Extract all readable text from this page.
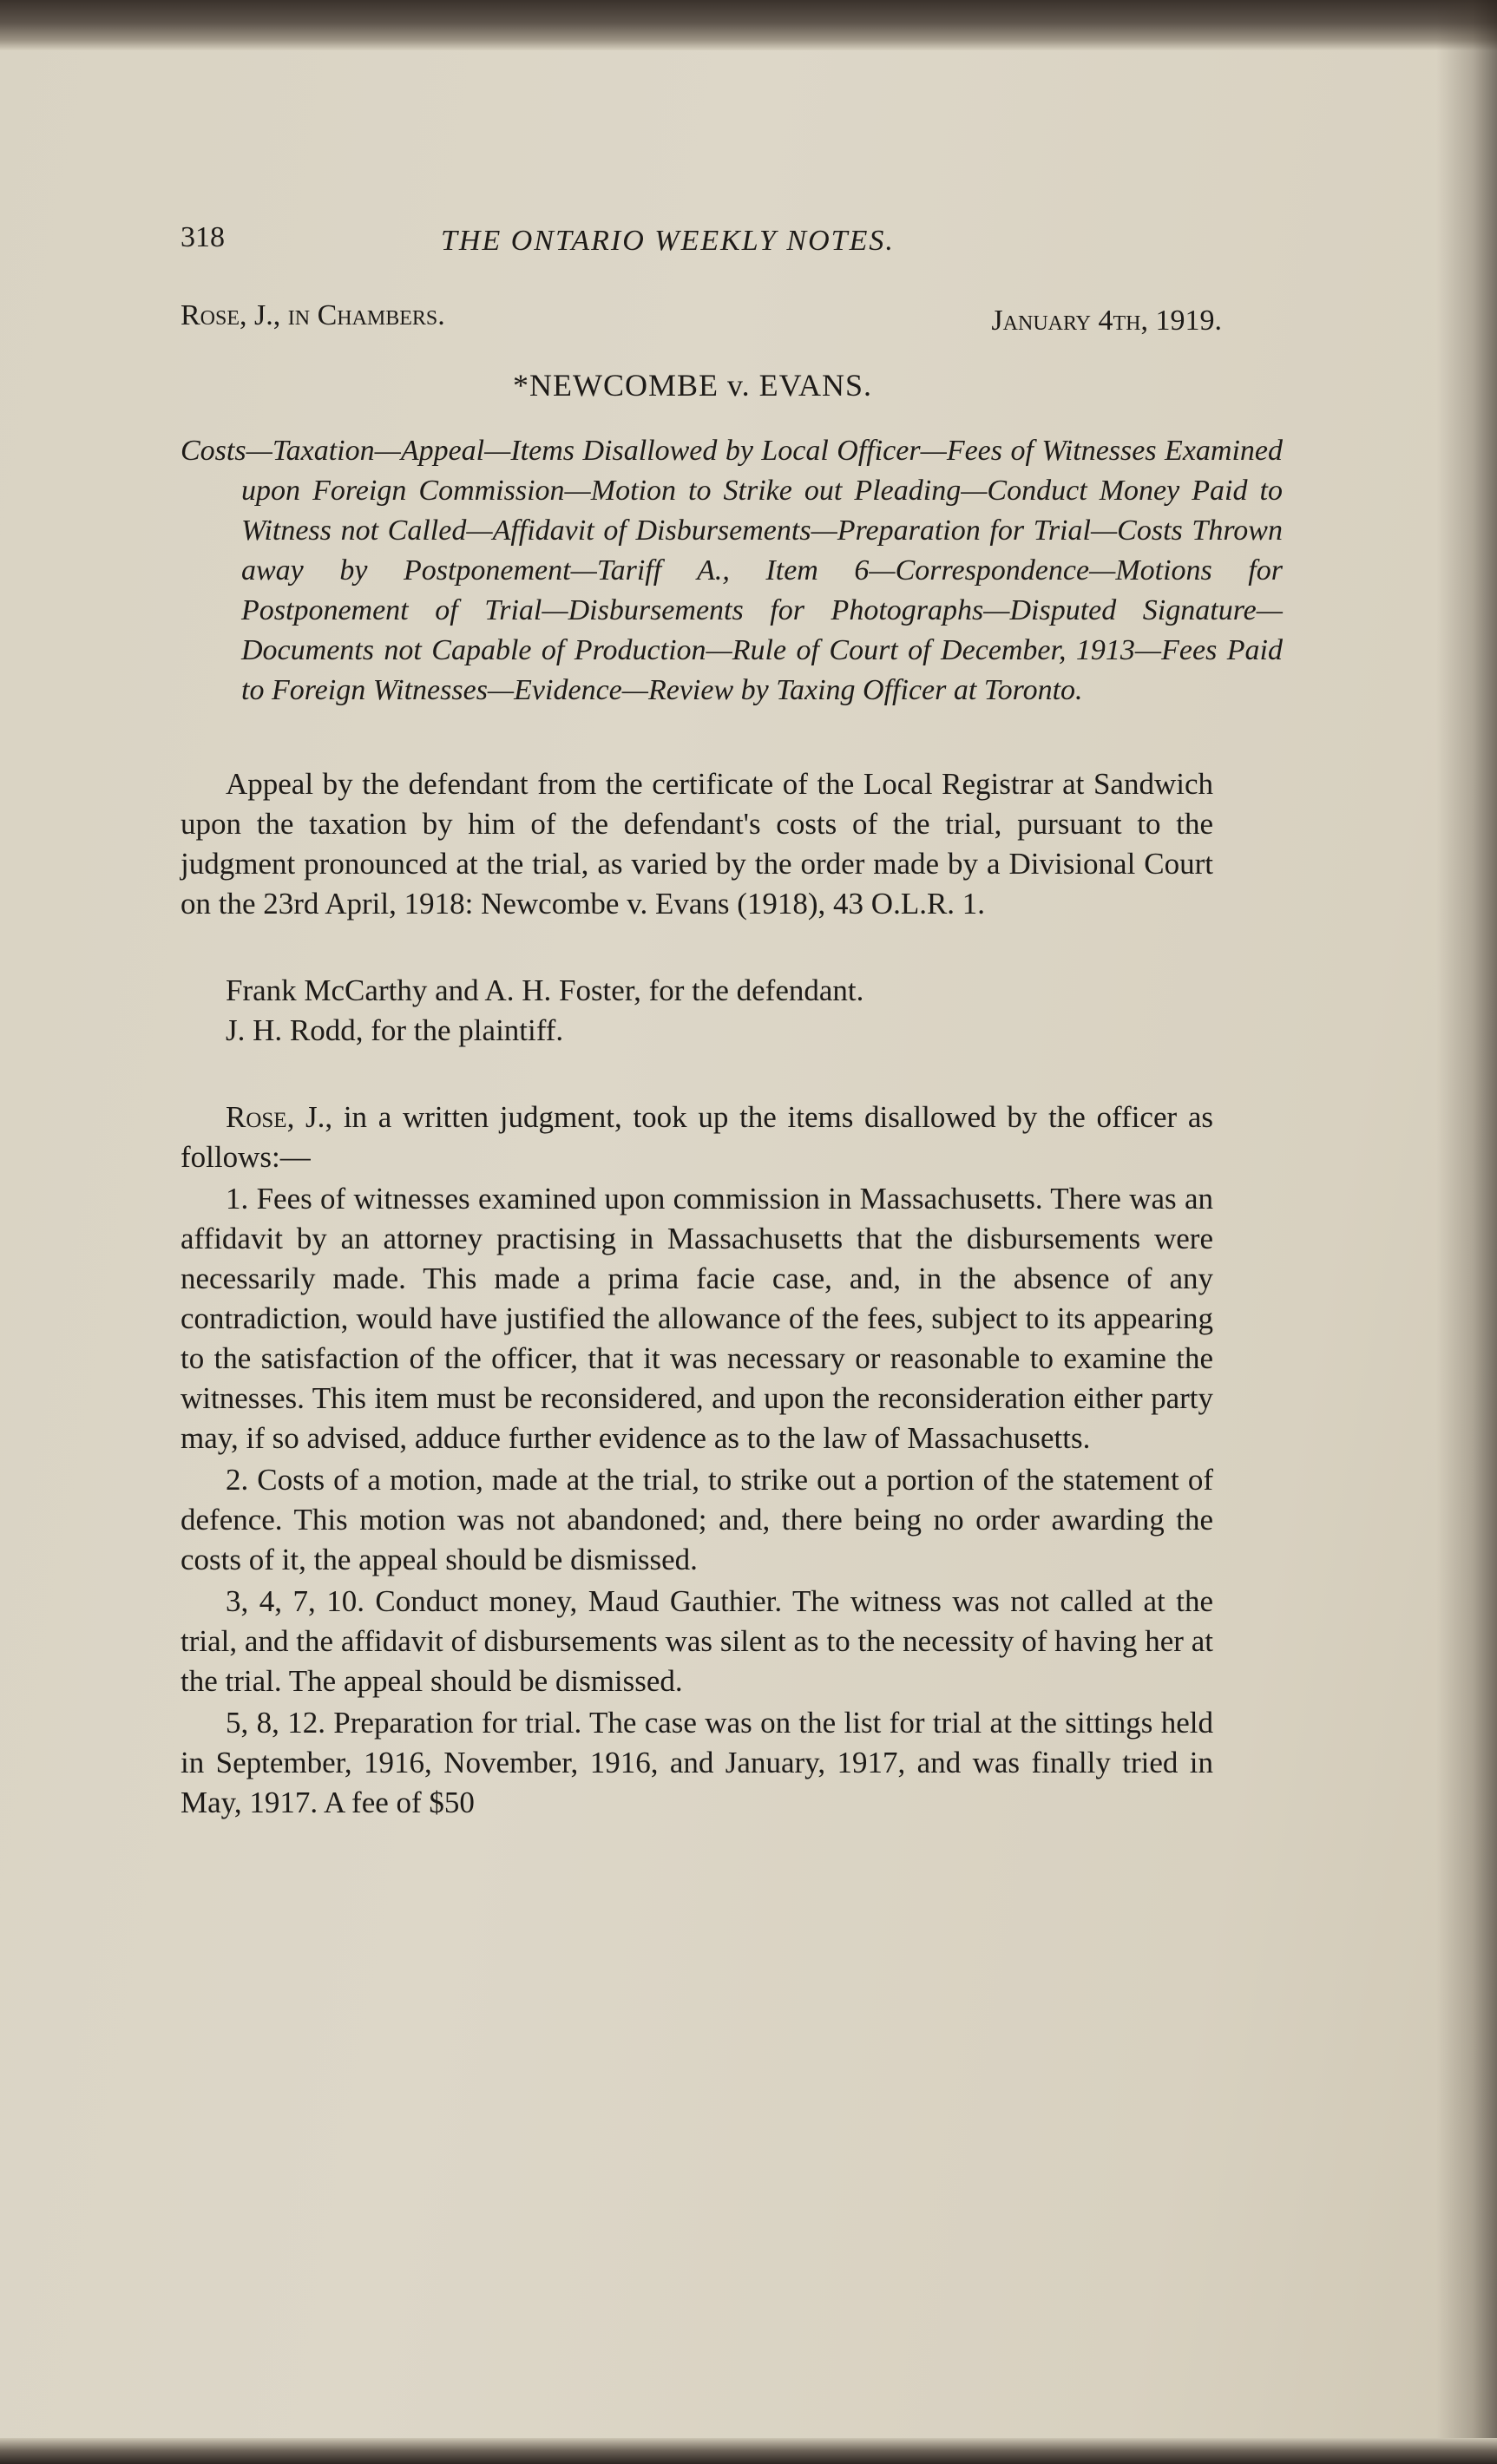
318	THE ONTARIO WEEKLY NOTES.
Rose, J., in Chambers.	January 4th, 1919.
*NEWCOMBE v. EVANS.

Costs—Taxation—Appeal—Items Disallowed by Local Officer—Fees of Witnesses Examined upon Foreign Commission—Motion to Strike out Pleading—Conduct Money Paid to Witness not Called—Affidavit of Disbursements—Preparation for Trial—Costs Thrown away by Postponement—Tariff A., Item 6—Correspondence—Motions for Postponement of Trial—Disbursements for Photographs—Disputed Signature—Documents not Capable of Production—Rule of Court of December, 1913—Fees Paid to Foreign Witnesses—Evidence—Review by Taxing Officer at Toronto.

Appeal by the defendant from the certificate of the Local Registrar at Sandwich upon the taxation by him of the defendant's costs of the trial, pursuant to the judgment pronounced at the trial, as varied by the order made by a Divisional Court on the 23rd April, 1918: Newcombe v. Evans (1918), 43 O.L.R. 1.

Frank McCarthy and A. H. Foster, for the defendant.
J. H. Rodd, for the plaintiff.

Rose, J., in a written judgment, took up the items disallowed by the officer as follows:—

1. Fees of witnesses examined upon commission in Massachusetts. There was an affidavit by an attorney practising in Massachusetts that the disbursements were necessarily made. This made a prima facie case, and, in the absence of any contradiction, would have justified the allowance of the fees, subject to its appearing to the satisfaction of the officer, that it was necessary or reasonable to examine the witnesses. This item must be reconsidered, and upon the reconsideration either party may, if so advised, adduce further evidence as to the law of Massachusetts.

2. Costs of a motion, made at the trial, to strike out a portion of the statement of defence. This motion was not abandoned; and, there being no order awarding the costs of it, the appeal should be dismissed.

3, 4, 7, 10. Conduct money, Maud Gauthier. The witness was not called at the trial, and the affidavit of disbursements was silent as to the necessity of having her at the trial. The appeal should be dismissed.

5, 8, 12. Preparation for trial. The case was on the list for trial at the sittings held in September, 1916, November, 1916, and January, 1917, and was finally tried in May, 1917. A fee of $50
